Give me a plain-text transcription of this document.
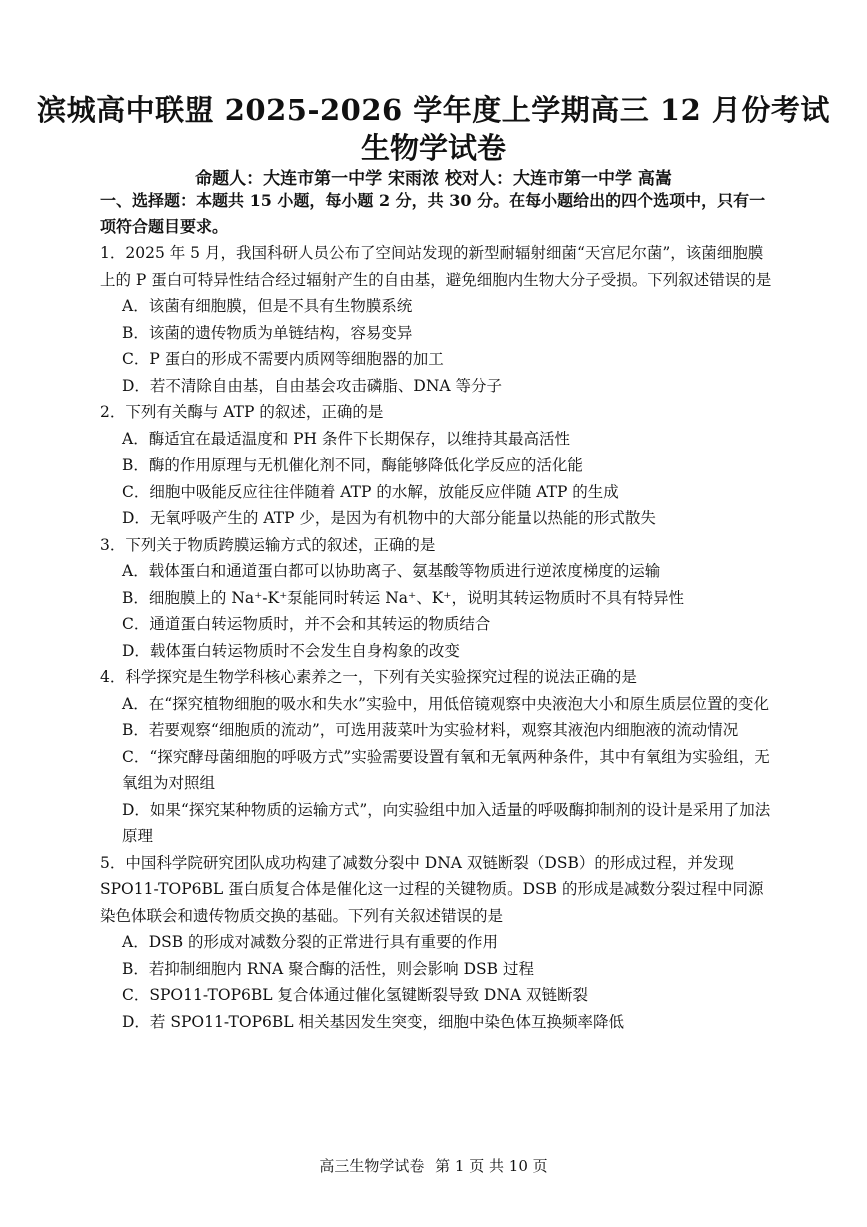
滨城高中联盟 2025-2026 学年度上学期高三 12 月份考试
生物学试卷
命题人：大连市第一中学 宋雨浓 校对人：大连市第一中学 高嵩

一、选择题：本题共 15 小题，每小题 2 分，共 30 分。在每小题给出的四个选项中，只有一项符合题目要求。

1．2025 年 5 月，我国科研人员公布了空间站发现的新型耐辐射细菌“天宫尼尔菌”，该菌细胞膜上的 P 蛋白可特异性结合经过辐射产生的自由基，避免细胞内生物大分子受损。下列叙述错误的是

A．该菌有细胞膜，但是不具有生物膜系统

B．该菌的遗传物质为单链结构，容易变异

C．P 蛋白的形成不需要内质网等细胞器的加工

D．若不清除自由基，自由基会攻击磷脂、DNA 等分子

2．下列有关酶与 ATP 的叙述，正确的是

A．酶适宜在最适温度和 PH 条件下长期保存，以维持其最高活性

B．酶的作用原理与无机催化剂不同，酶能够降低化学反应的活化能

C．细胞中吸能反应往往伴随着 ATP 的水解，放能反应伴随 ATP 的生成

D．无氧呼吸产生的 ATP 少，是因为有机物中的大部分能量以热能的形式散失

3．下列关于物质跨膜运输方式的叙述，正确的是

A．载体蛋白和通道蛋白都可以协助离子、氨基酸等物质进行逆浓度梯度的运输

B．细胞膜上的 Na⁺-K⁺泵能同时转运 Na⁺、K⁺，说明其转运物质时不具有特异性

C．通道蛋白转运物质时，并不会和其转运的物质结合

D．载体蛋白转运物质时不会发生自身构象的改变

4．科学探究是生物学科核心素养之一，下列有关实验探究过程的说法正确的是

A．在“探究植物细胞的吸水和失水”实验中，用低倍镜观察中央液泡大小和原生质层位置的变化

B．若要观察“细胞质的流动”，可选用菠菜叶为实验材料，观察其液泡内细胞液的流动情况

C．“探究酵母菌细胞的呼吸方式”实验需要设置有氧和无氧两种条件，其中有氧组为实验组，无氧组为对照组

D．如果“探究某种物质的运输方式”，向实验组中加入适量的呼吸酶抑制剂的设计是采用了加法原理

5．中国科学院研究团队成功构建了减数分裂中 DNA 双链断裂（DSB）的形成过程，并发现 SPO11-TOP6BL 蛋白质复合体是催化这一过程的关键物质。DSB 的形成是减数分裂过程中同源染色体联会和遗传物质交换的基础。下列有关叙述错误的是

A．DSB 的形成对减数分裂的正常进行具有重要的作用

B．若抑制细胞内 RNA 聚合酶的活性，则会影响 DSB 过程

C．SPO11-TOP6BL 复合体通过催化氢键断裂导致 DNA 双链断裂

D．若 SPO11-TOP6BL 相关基因发生突变，细胞中染色体互换频率降低

高三生物学试卷 第 1 页 共 10 页
